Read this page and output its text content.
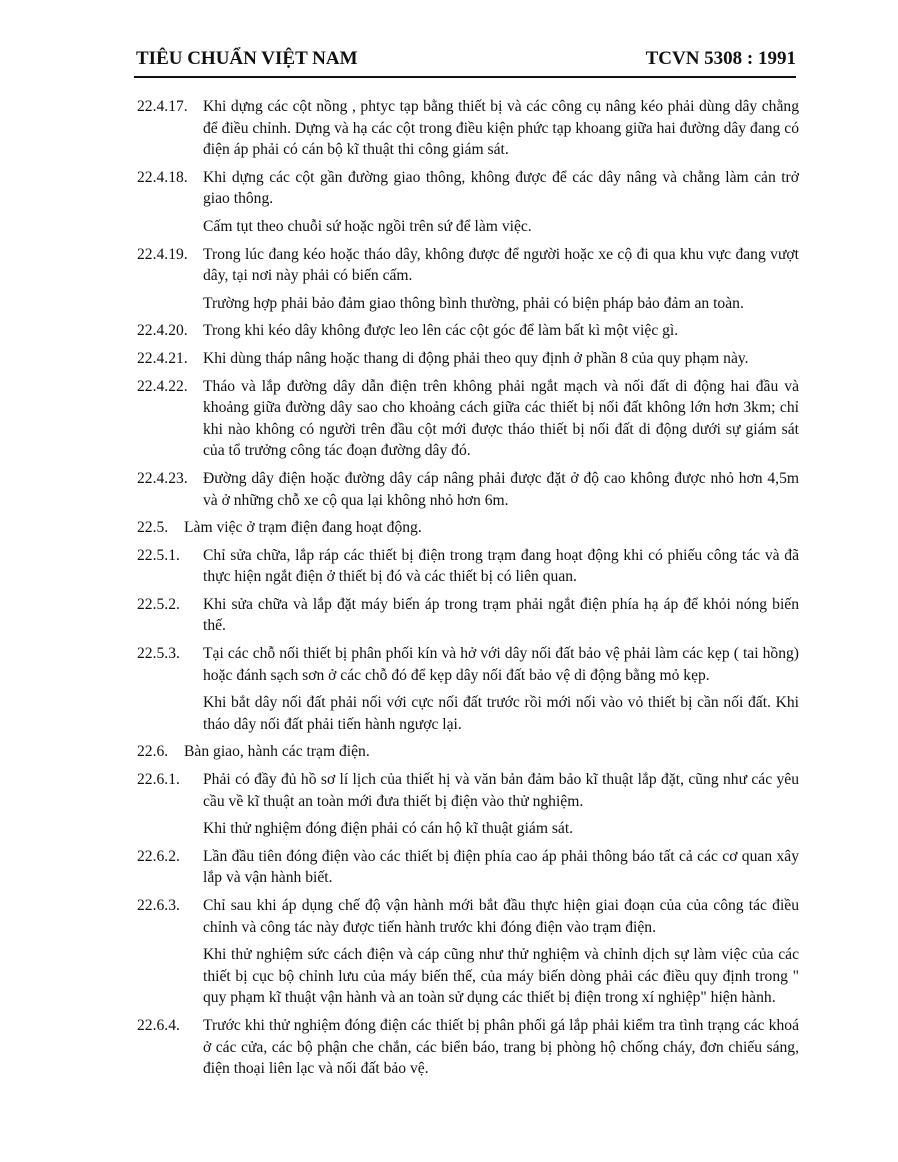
TIÊU CHUẨN VIỆT NAM	TCVN 5308 : 1991
22.4.17. Khi dựng các cột nồng , phtyc tạp bằng thiết bị và các công cụ nâng kéo phải dùng dây chằng để điều chỉnh. Dựng và hạ các cột trong điều kiện phức tạp khoang giữa hai đường dây đang có điện áp phải có cán bộ kĩ thuật thi công giám sát.
22.4.18. Khi dựng các cột gần đường giao thông, không được để các dây nâng và chằng làm cản trở giao thông.
Cấm tụt theo chuỗi sứ hoặc ngồi trên sứ để làm việc.
22.4.19. Trong lúc đang kéo hoặc tháo dây, không được để người hoặc xe cộ đi qua khu vực đang vượt dây, tại nơi này phải có biến cấm.
Trường hợp phải bảo đảm giao thông bình thường, phải có biện pháp bảo đảm an toàn.
22.4.20. Trong khi kéo dây không được leo lên các cột góc để làm bất kì một việc gì.
22.4.21. Khi dùng tháp nâng hoặc thang di động phải theo quy định ở phần 8 của quy phạm này.
22.4.22. Tháo và lắp đường dây dẫn điện trên không phải ngắt mạch và nối đất di động hai đầu và khoảng giữa đường dây sao cho khoảng cách giữa các thiết bị nối đất không lớn hơn 3km; chỉ khi nào không có người trên đầu cột mới được tháo thiết bị nối đất di động dưới sự giám sát của tổ trưởng công tác đoạn đường dây đó.
22.4.23. Đường dây điện hoặc đường dây cáp nâng phải được đặt ở độ cao không được nhỏ hơn 4,5m và ở những chỗ xe cộ qua lại không nhỏ hơn 6m.
22.5. Làm việc ở trạm điện đang hoạt động.
22.5.1. Chỉ sửa chữa, lắp ráp các thiết bị điện trong trạm đang hoạt động khi có phiếu công tác và đã thực hiện ngắt điện ở thiết bị đó và các thiết bị có liên quan.
22.5.2. Khi sửa chữa và lắp đặt máy biến áp trong trạm phải ngắt điện phía hạ áp để khỏi nóng biến thế.
22.5.3. Tại các chỗ nối thiết bị phân phối kín và hở với dây nối đất bảo vệ phải làm các kẹp ( tai hồng) hoặc đánh sạch sơn ở các chỗ đó để kẹp dây nối đất bảo vệ di động bằng mỏ kẹp.
Khi bắt dây nối đất phải nối với cực nối đất trước rồi mới nối vào vỏ thiết bị cần nối đất. Khi tháo dây nối đất phải tiến hành ngược lại.
22.6. Bàn giao, hành các trạm điện.
22.6.1. Phải có đầy đủ hồ sơ lí lịch của thiết hị và văn bản đảm bảo kĩ thuật lắp đặt, cũng như các yêu cầu về kĩ thuật an toàn mới đưa thiết bị điện vào thử nghiệm.
Khi thử nghiệm đóng điện phải có cán hộ kĩ thuật giám sát.
22.6.2. Lần đầu tiên đóng điện vào các thiết bị điện phía cao áp phải thông báo tất cả các cơ quan xây lắp và vận hành biết.
22.6.3. Chỉ sau khi áp dụng chế độ vận hành mới bắt đầu thực hiện giai đoạn của của công tác điều chỉnh và công tác này được tiến hành trước khi đóng điện vào trạm điện.
Khi thử nghiệm sức cách điện và cáp cũng như thử nghiệm và chỉnh dịch sự làm việc của các thiết bị cục bộ chỉnh lưu của máy biến thế, của máy biến dòng phải các điều quy định trong " quy phạm kĩ thuật vận hành và an toàn sử dụng các thiết bị điện trong xí nghiệp" hiện hành.
22.6.4. Trước khi thử nghiệm đóng điện các thiết bị phân phối gá lắp phải kiểm tra tình trạng các khoá ở các cửa, các bộ phận che chắn, các biển báo, trang bị phòng hộ chống cháy, đơn chiếu sáng, điện thoại liên lạc và nối đất bảo vệ.
